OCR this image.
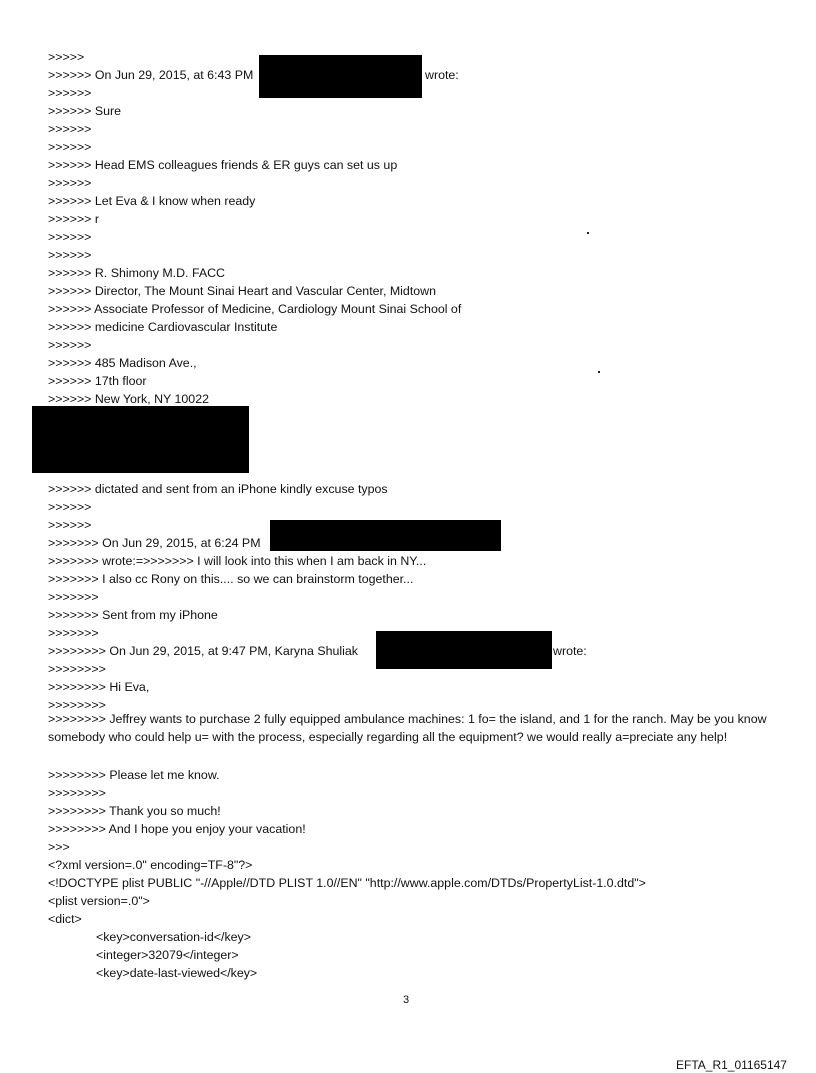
>>>>>
>>>>>> On Jun 29, 2015, at 6:43 PM	wrote:
>>>>>>
>>>>>> Sure
>>>>>>
>>>>>>
>>>>>> Head EMS colleagues friends & ER guys can set us up
>>>>>>
>>>>>> Let Eva & I know when ready
>>>>>> r
>>>>>>
>>>>>>
>>>>>> R. Shimony M.D. FACC
>>>>>> Director, The Mount Sinai Heart and Vascular Center, Midtown
>>>>>> Associate Professor of Medicine, Cardiology Mount Sinai School of
>>>>>> medicine Cardiovascular Institute
>>>>>>
>>>>>> 485 Madison Ave.,
>>>>>> 17th floor
>>>>>> New York, NY 10022
>>>>>> dictated and sent from an iPhone kindly excuse typos
>>>>>>
>>>>>>
>>>>>>> On Jun 29, 2015, at 6:24 PM
>>>>>>> wrote:=>>>>>>> I will look into this when I am back in NY...
>>>>>>> I also cc Rony on this.... so we can brainstorm together...
>>>>>>>
>>>>>>> Sent from my iPhone
>>>>>>>
>>>>>>>> On Jun 29, 2015, at 9:47 PM, Karyna Shuliak	wrote:
>>>>>>>>
>>>>>>>> Hi Eva,
>>>>>>>>
>>>>>>>> Jeffrey wants to purchase 2 fully equipped ambulance machines: 1 fo= the island, and 1 for the ranch. May be you know somebody who could help u= with the process, especially regarding all the equipment? we would really a=preciate any help!
>>>>>>>> Please let me know.
>>>>>>>>
>>>>>>>> Thank you so much!
>>>>>>>> And I hope you enjoy your vacation!
>>>
<?xml version=.0" encoding=TF-8"?>
<!DOCTYPE plist PUBLIC "-//Apple//DTD PLIST 1.0//EN" "http://www.apple.com/DTDs/PropertyList-1.0.dtd">
<plist version=.0">
<dict>
<key>conversation-id</key>
<integer>32079</integer>
<key>date-last-viewed</key>
3
EFTA_R1_01165147
